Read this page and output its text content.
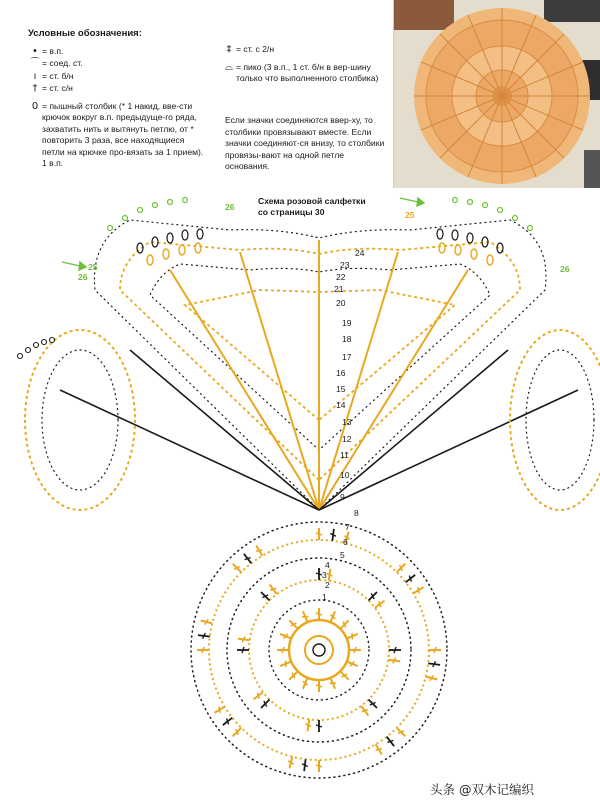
Условные обозначения:
• = в.п.
⌒ = соед. ст.
ı = ст. б/н
† = ст. с/н
0 = пышный столбик (* 1 накид, вве-сти крючок вокруг в.п. предыдуще-го ряда, захватить нить и вытянуть петлю, от * повторить 3 раза, все находящиеся петли на крючке про-вязать за 1 прием). 1 в.п.
‡ = ст. с 2/н
⌓ = пико (3 в.п., 1 ст. б/н в вер-шину только что выполненного столбика)
Если значки соединяются ввер-ху, то столбики провязывают вместе. Если значки соединяют-ся внизу, то столбики провязы-вают на одной петле основания.
Схема розовой салфетки со страницы 30
1
2
3
4
5
6
7
8
9
10
11
12
13
14
15
16
17
18
19
20
21
22
23
24
25
26
26
25
26
头条 @双木记编织
